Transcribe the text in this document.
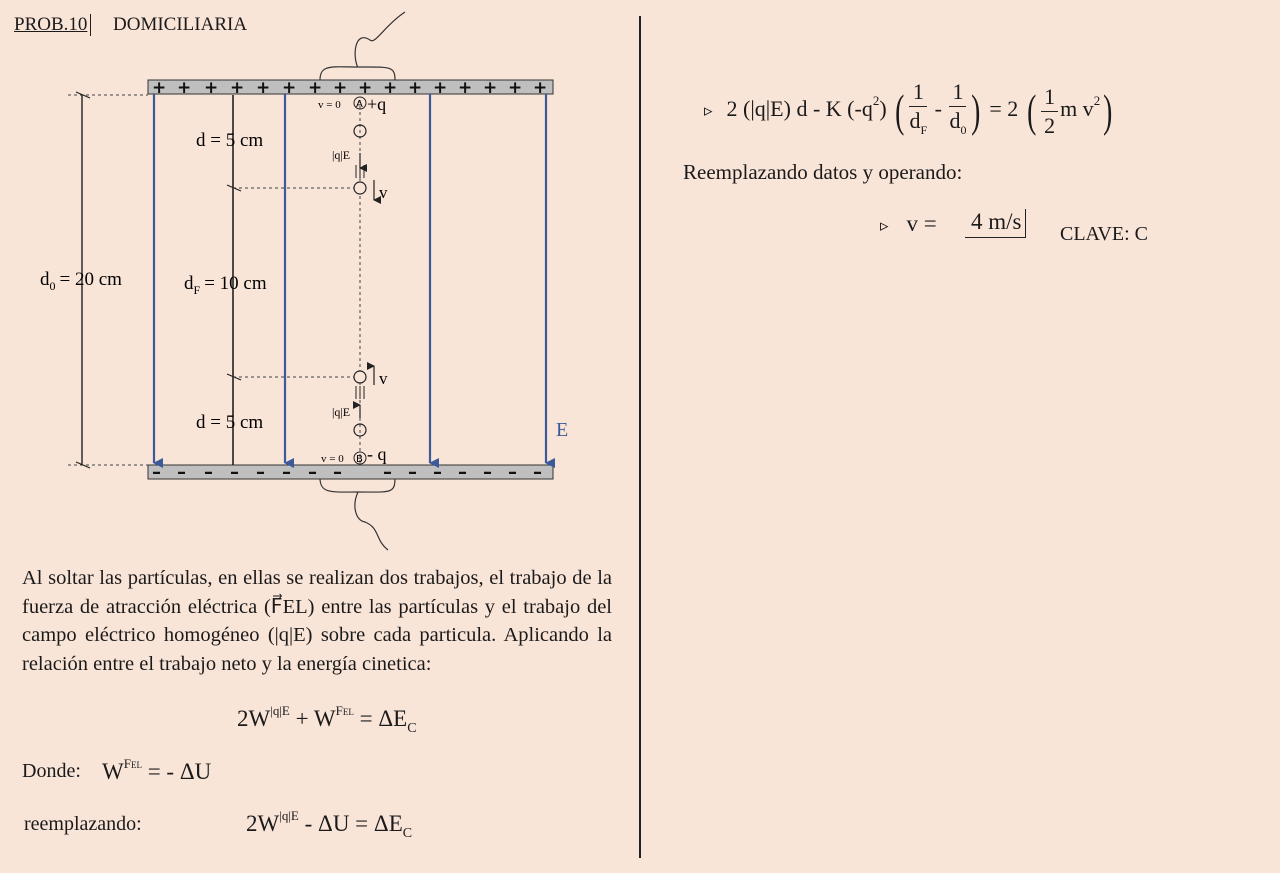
PROB.10 DOMICILIARIA
+ + + + + + + + + + + + + + + +
– – – – – – – – – – – – – – –
A
v = 0 +q
|q|E
v
v
|q|E
B
v = 0 - q
d = 5 cm
d = 5 cm
$d_0 = 20$ cm	$d_F = 10$ cm
E
Al soltar las partículas, en ellas se realizan dos trabajos, el trabajo de la fuerza de atracción eléctrica (F⃗EL) entre las partículas y el trabajo del campo eléctrico homogéneo (|q|E) sobre cada particula. Aplicando la relación entre el trabajo neto y la energía cinetica:
$2W^{|q|E} + W^{FEL} = \Delta E_C$
Donde: $W^{FEL}$ = - ΔU
reemplazando:	$2W^{|q|E} - \Delta U = \Delta E_C$
▹ 2 (|q|E) d - K $(-q^2)$ ( $\frac{1}{d_F} - \frac{1}{d_0}$ ) = 2 ( $\frac{1}{2}$ m $v^2$)
Reemplazando datos y operando:
▹ v = 4 m/s CLAVE: C
